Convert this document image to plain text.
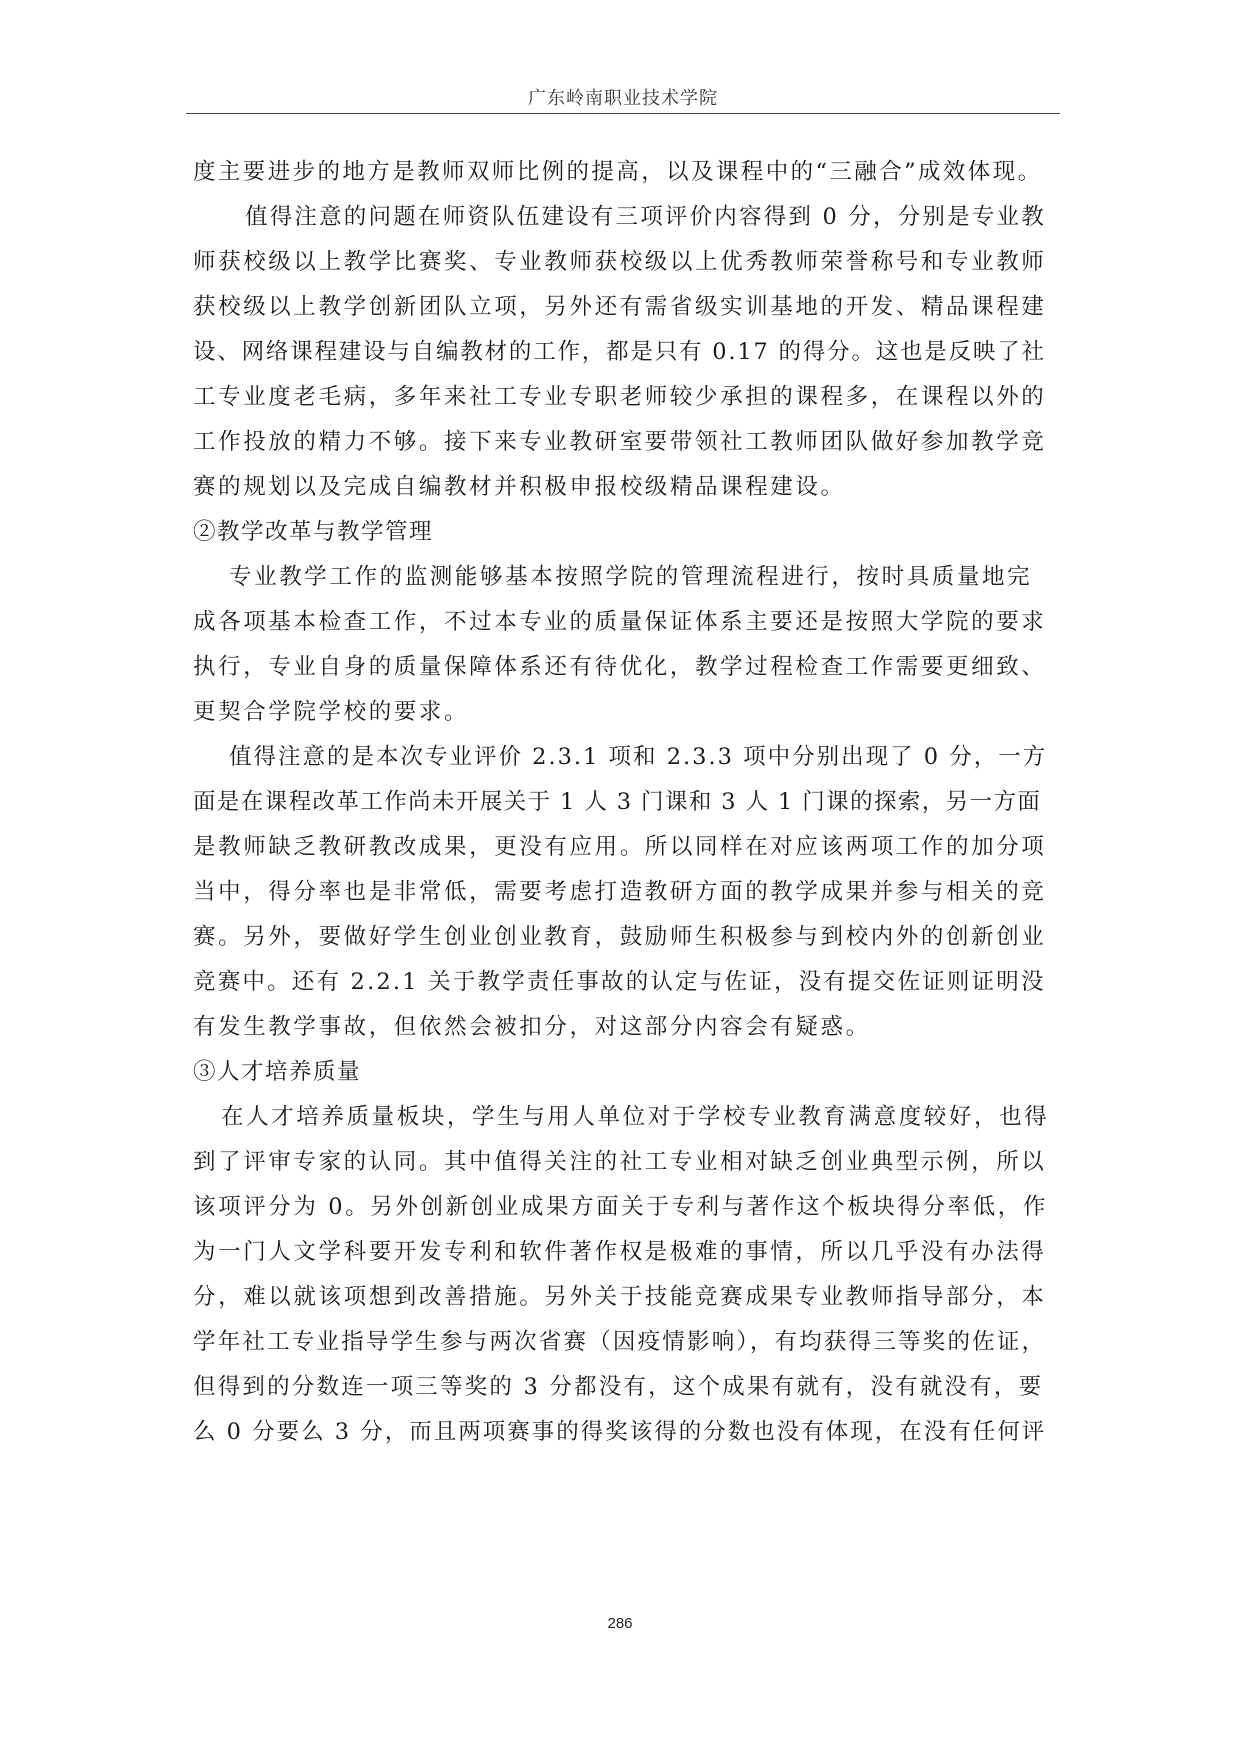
广东岭南职业技术学院
度主要进步的地方是教师双师比例的提高，以及课程中的“三融合”成效体现。
值得注意的问题在师资队伍建设有三项评价内容得到 0 分，分别是专业教
师获校级以上教学比赛奖、专业教师获校级以上优秀教师荣誉称号和专业教师
获校级以上教学创新团队立项，另外还有需省级实训基地的开发、精品课程建
设、网络课程建设与自编教材的工作，都是只有 0.17 的得分。这也是反映了社
工专业度老毛病，多年来社工专业专职老师较少承担的课程多，在课程以外的
工作投放的精力不够。接下来专业教研室要带领社工教师团队做好参加教学竞
赛的规划以及完成自编教材并积极申报校级精品课程建设。
②教学改革与教学管理
专业教学工作的监测能够基本按照学院的管理流程进行，按时具质量地完
成各项基本检查工作，不过本专业的质量保证体系主要还是按照大学院的要求
执行，专业自身的质量保障体系还有待优化，教学过程检查工作需要更细致、
更契合学院学校的要求。
值得注意的是本次专业评价 2.3.1 项和 2.3.3 项中分别出现了 0 分，一方
面是在课程改革工作尚未开展关于 1 人 3 门课和 3 人 1 门课的探索，另一方面
是教师缺乏教研教改成果，更没有应用。所以同样在对应该两项工作的加分项
当中，得分率也是非常低，需要考虑打造教研方面的教学成果并参与相关的竞
赛。另外，要做好学生创业创业教育，鼓励师生积极参与到校内外的创新创业
竞赛中。还有 2.2.1 关于教学责任事故的认定与佐证，没有提交佐证则证明没
有发生教学事故，但依然会被扣分，对这部分内容会有疑惑。
③人才培养质量
在人才培养质量板块，学生与用人单位对于学校专业教育满意度较好，也得
到了评审专家的认同。其中值得关注的社工专业相对缺乏创业典型示例，所以
该项评分为 0。另外创新创业成果方面关于专利与著作这个板块得分率低，作
为一门人文学科要开发专利和软件著作权是极难的事情，所以几乎没有办法得
分，难以就该项想到改善措施。另外关于技能竞赛成果专业教师指导部分，本
学年社工专业指导学生参与两次省赛（因疫情影响），有均获得三等奖的佐证，
但得到的分数连一项三等奖的 3 分都没有，这个成果有就有，没有就没有，要
么 0 分要么 3 分，而且两项赛事的得奖该得的分数也没有体现，在没有任何评
286
